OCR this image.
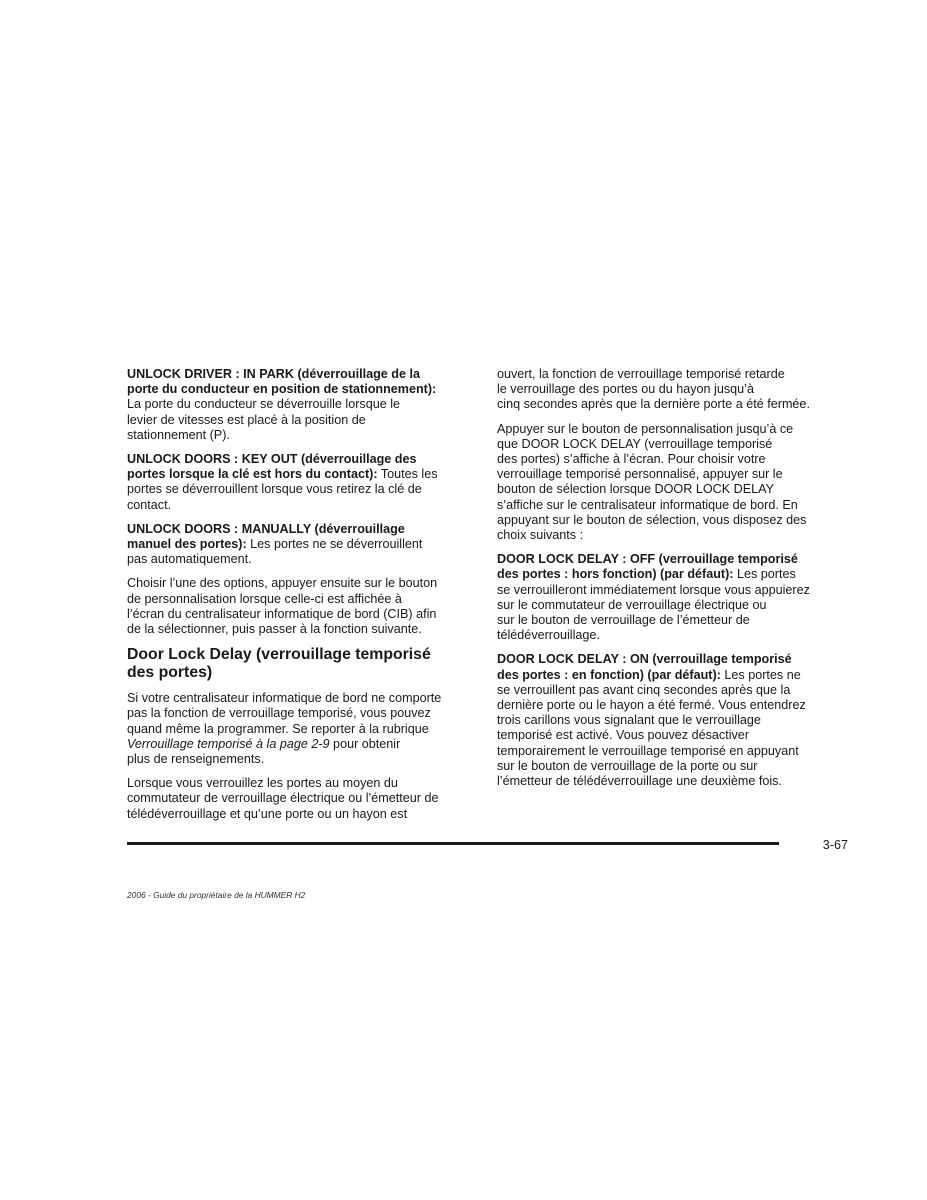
UNLOCK DRIVER : IN PARK (déverrouillage de la
porte du conducteur en position de stationnement):
La porte du conducteur se déverrouille lorsque le
levier de vitesses est placé à la position de
stationnement (P).
UNLOCK DOORS : KEY OUT (déverrouillage des
portes lorsque la clé est hors du contact): Toutes les
portes se déverrouillent lorsque vous retirez la clé de
contact.
UNLOCK DOORS : MANUALLY (déverrouillage
manuel des portes): Les portes ne se déverrouillent
pas automatiquement.
Choisir l’une des options, appuyer ensuite sur le bouton
de personnalisation lorsque celle-ci est affichée à
l’écran du centralisateur informatique de bord (CIB) afin
de la sélectionner, puis passer à la fonction suivante.
Door Lock Delay (verrouillage temporisé
des portes)
Si votre centralisateur informatique de bord ne comporte
pas la fonction de verrouillage temporisé, vous pouvez
quand même la programmer. Se reporter à la rubrique
Verrouillage temporisé à la page 2-9 pour obtenir
plus de renseignements.
Lorsque vous verrouillez les portes au moyen du
commutateur de verrouillage électrique ou l’émetteur de
télédéverrouillage et qu’une porte ou un hayon est
ouvert, la fonction de verrouillage temporisé retarde
le verrouillage des portes ou du hayon jusqu’à
cinq secondes après que la dernière porte a été fermée.
Appuyer sur le bouton de personnalisation jusqu’à ce
que DOOR LOCK DELAY (verrouillage temporisé
des portes) s’affiche à l’écran. Pour choisir votre
verrouillage temporisé personnalisé, appuyer sur le
bouton de sélection lorsque DOOR LOCK DELAY
s’affiche sur le centralisateur informatique de bord. En
appuyant sur le bouton de sélection, vous disposez des
choix suivants :
DOOR LOCK DELAY : OFF (verrouillage temporisé
des portes : hors fonction) (par défaut): Les portes
se verrouilleront immédiatement lorsque vous appuierez
sur le commutateur de verrouillage électrique ou
sur le bouton de verrouillage de l’émetteur de
télédéverrouillage.
DOOR LOCK DELAY : ON (verrouillage temporisé
des portes : en fonction) (par défaut): Les portes ne
se verrouillent pas avant cinq secondes après que la
dernière porte ou le hayon a été fermé. Vous entendrez
trois carillons vous signalant que le verrouillage
temporisé est activé. Vous pouvez désactiver
temporairement le verrouillage temporisé en appuyant
sur le bouton de verrouillage de la porte ou sur
l’émetteur de télédéverrouillage une deuxième fois.
3-67
2006 - Guide du propriétaire de la HUMMER H2
